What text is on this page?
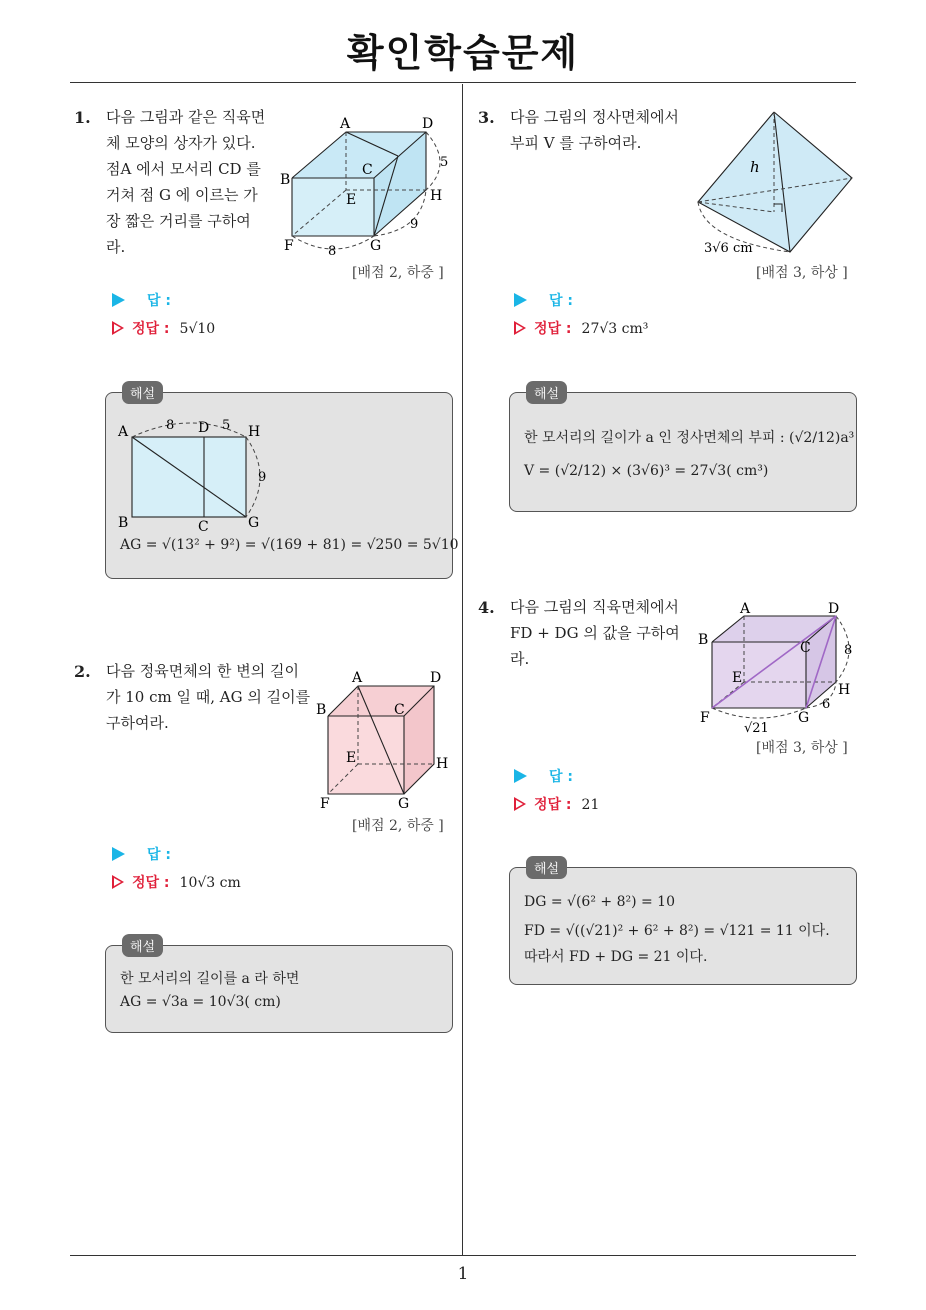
확인학습문제
1
1. 다음 그림과 같은 직육면
체 모양의 상자가 있다.
점A 에서 모서리 CD 를
거쳐 점 G 에 이르는 가
장 짧은 거리를 구하여
라.
A	D
B
C
E	H
F	G
5
8
9
[배점 2, 하중 ]
답 :
정답 : 5√10
해설
A	D	H
B	C	G
8	5
9
AG = √(13² + 9²) = √(169 + 81) = √250 = 5√10
2. 다음 정육면체의 한 변의 길이
가 10 cm 일 때, AG 의 길이를
구하여라.
A	D
B	C
E	H
F	G
[배점 2, 하중 ]
답 :
정답 : 10√3 cm
해설
한 모서리의 길이를 a 라 하면
AG = √3a = 10√3( cm)
3. 다음 그림의 정사면체에서
부피 V 를 구하여라.
h
3√6 cm
[배점 3, 하상 ]
답 :
정답 : 27√3 cm³
해설
한 모서리의 길이가 a 인 정사면체의 부피 : (√2/12)a³
V = (√2/12) × (3√6)³ = 27√3( cm³)
4. 다음 그림의 직육면체에서
FD + DG 의 값을 구하여
라.
A	D
B	C
E
H
F	G
8
6
√21
[배점 3, 하상 ]
답 :
정답 : 21
해설
DG = √(6² + 8²) = 10
FD = √((√21)² + 6² + 8²) = √121 = 11 이다.
따라서 FD + DG = 21 이다.
